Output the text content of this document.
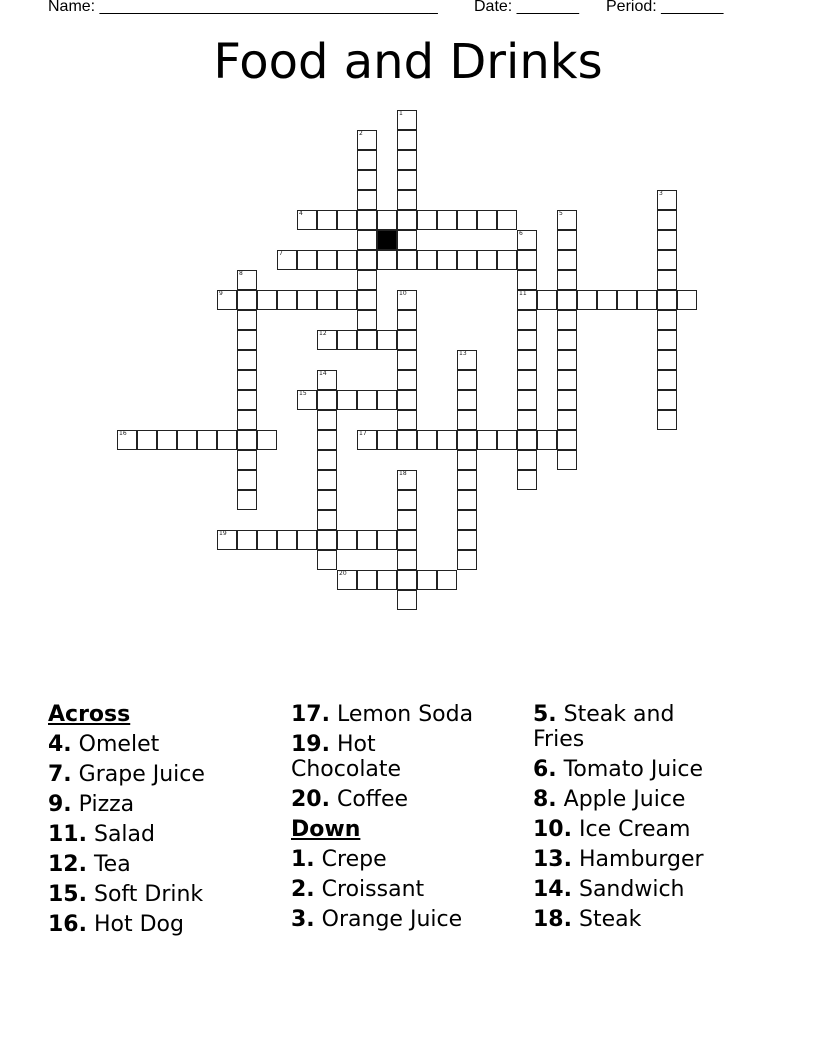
Name: ______________________________________ Date: _______ Period: _______
Food and Drinks
1
2
3
4	5
6
11
7
8
9	10
12
13
14
15
16	17
18
19
20
Across
4. Omelet
7. Grape Juice
9. Pizza
11. Salad
12. Tea
15. Soft Drink
16. Hot Dog
17. Lemon Soda
19. Hot Chocolate
20. Coffee
Down
1. Crepe
2. Croissant
3. Orange Juice
5. Steak and Fries
6. Tomato Juice
8. Apple Juice
10. Ice Cream
13. Hamburger
14. Sandwich
18. Steak
